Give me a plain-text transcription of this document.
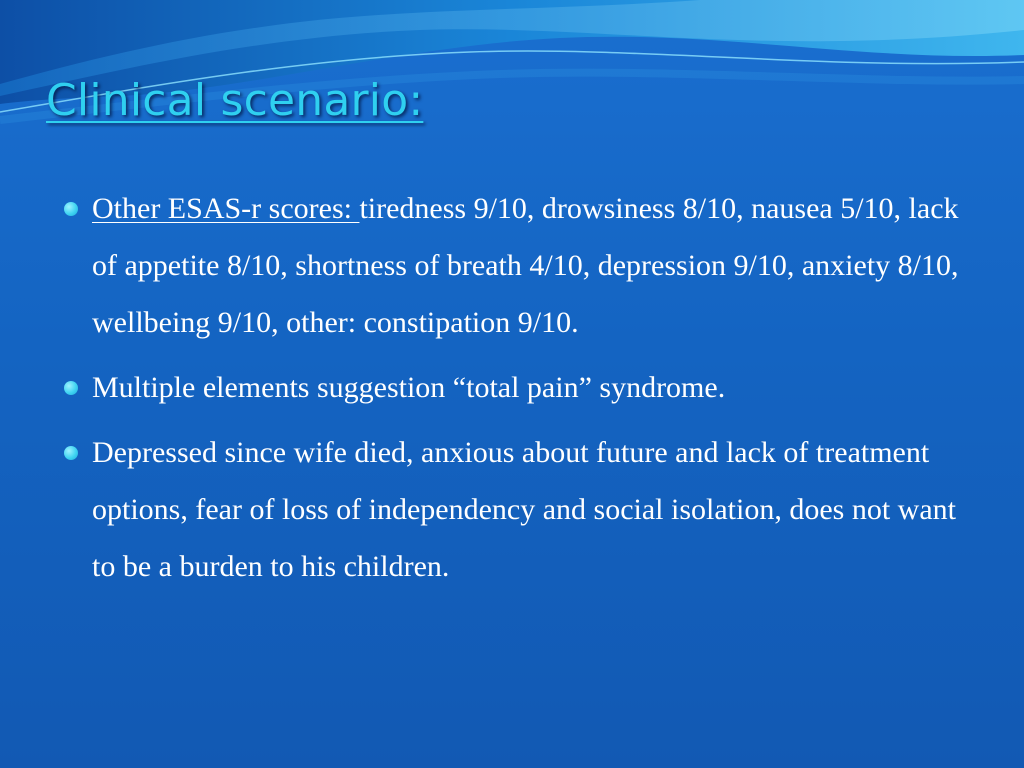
Clinical scenario:
Other ESAS-r scores: tiredness 9/10, drowsiness 8/10, nausea 5/10, lack of appetite 8/10, shortness of breath 4/10, depression 9/10, anxiety 8/10, wellbeing 9/10, other: constipation 9/10.
Multiple elements suggestion “total pain” syndrome.
Depressed since wife died, anxious about future and lack of treatment options, fear of loss of independency and social isolation, does not want to be a burden to his children.
